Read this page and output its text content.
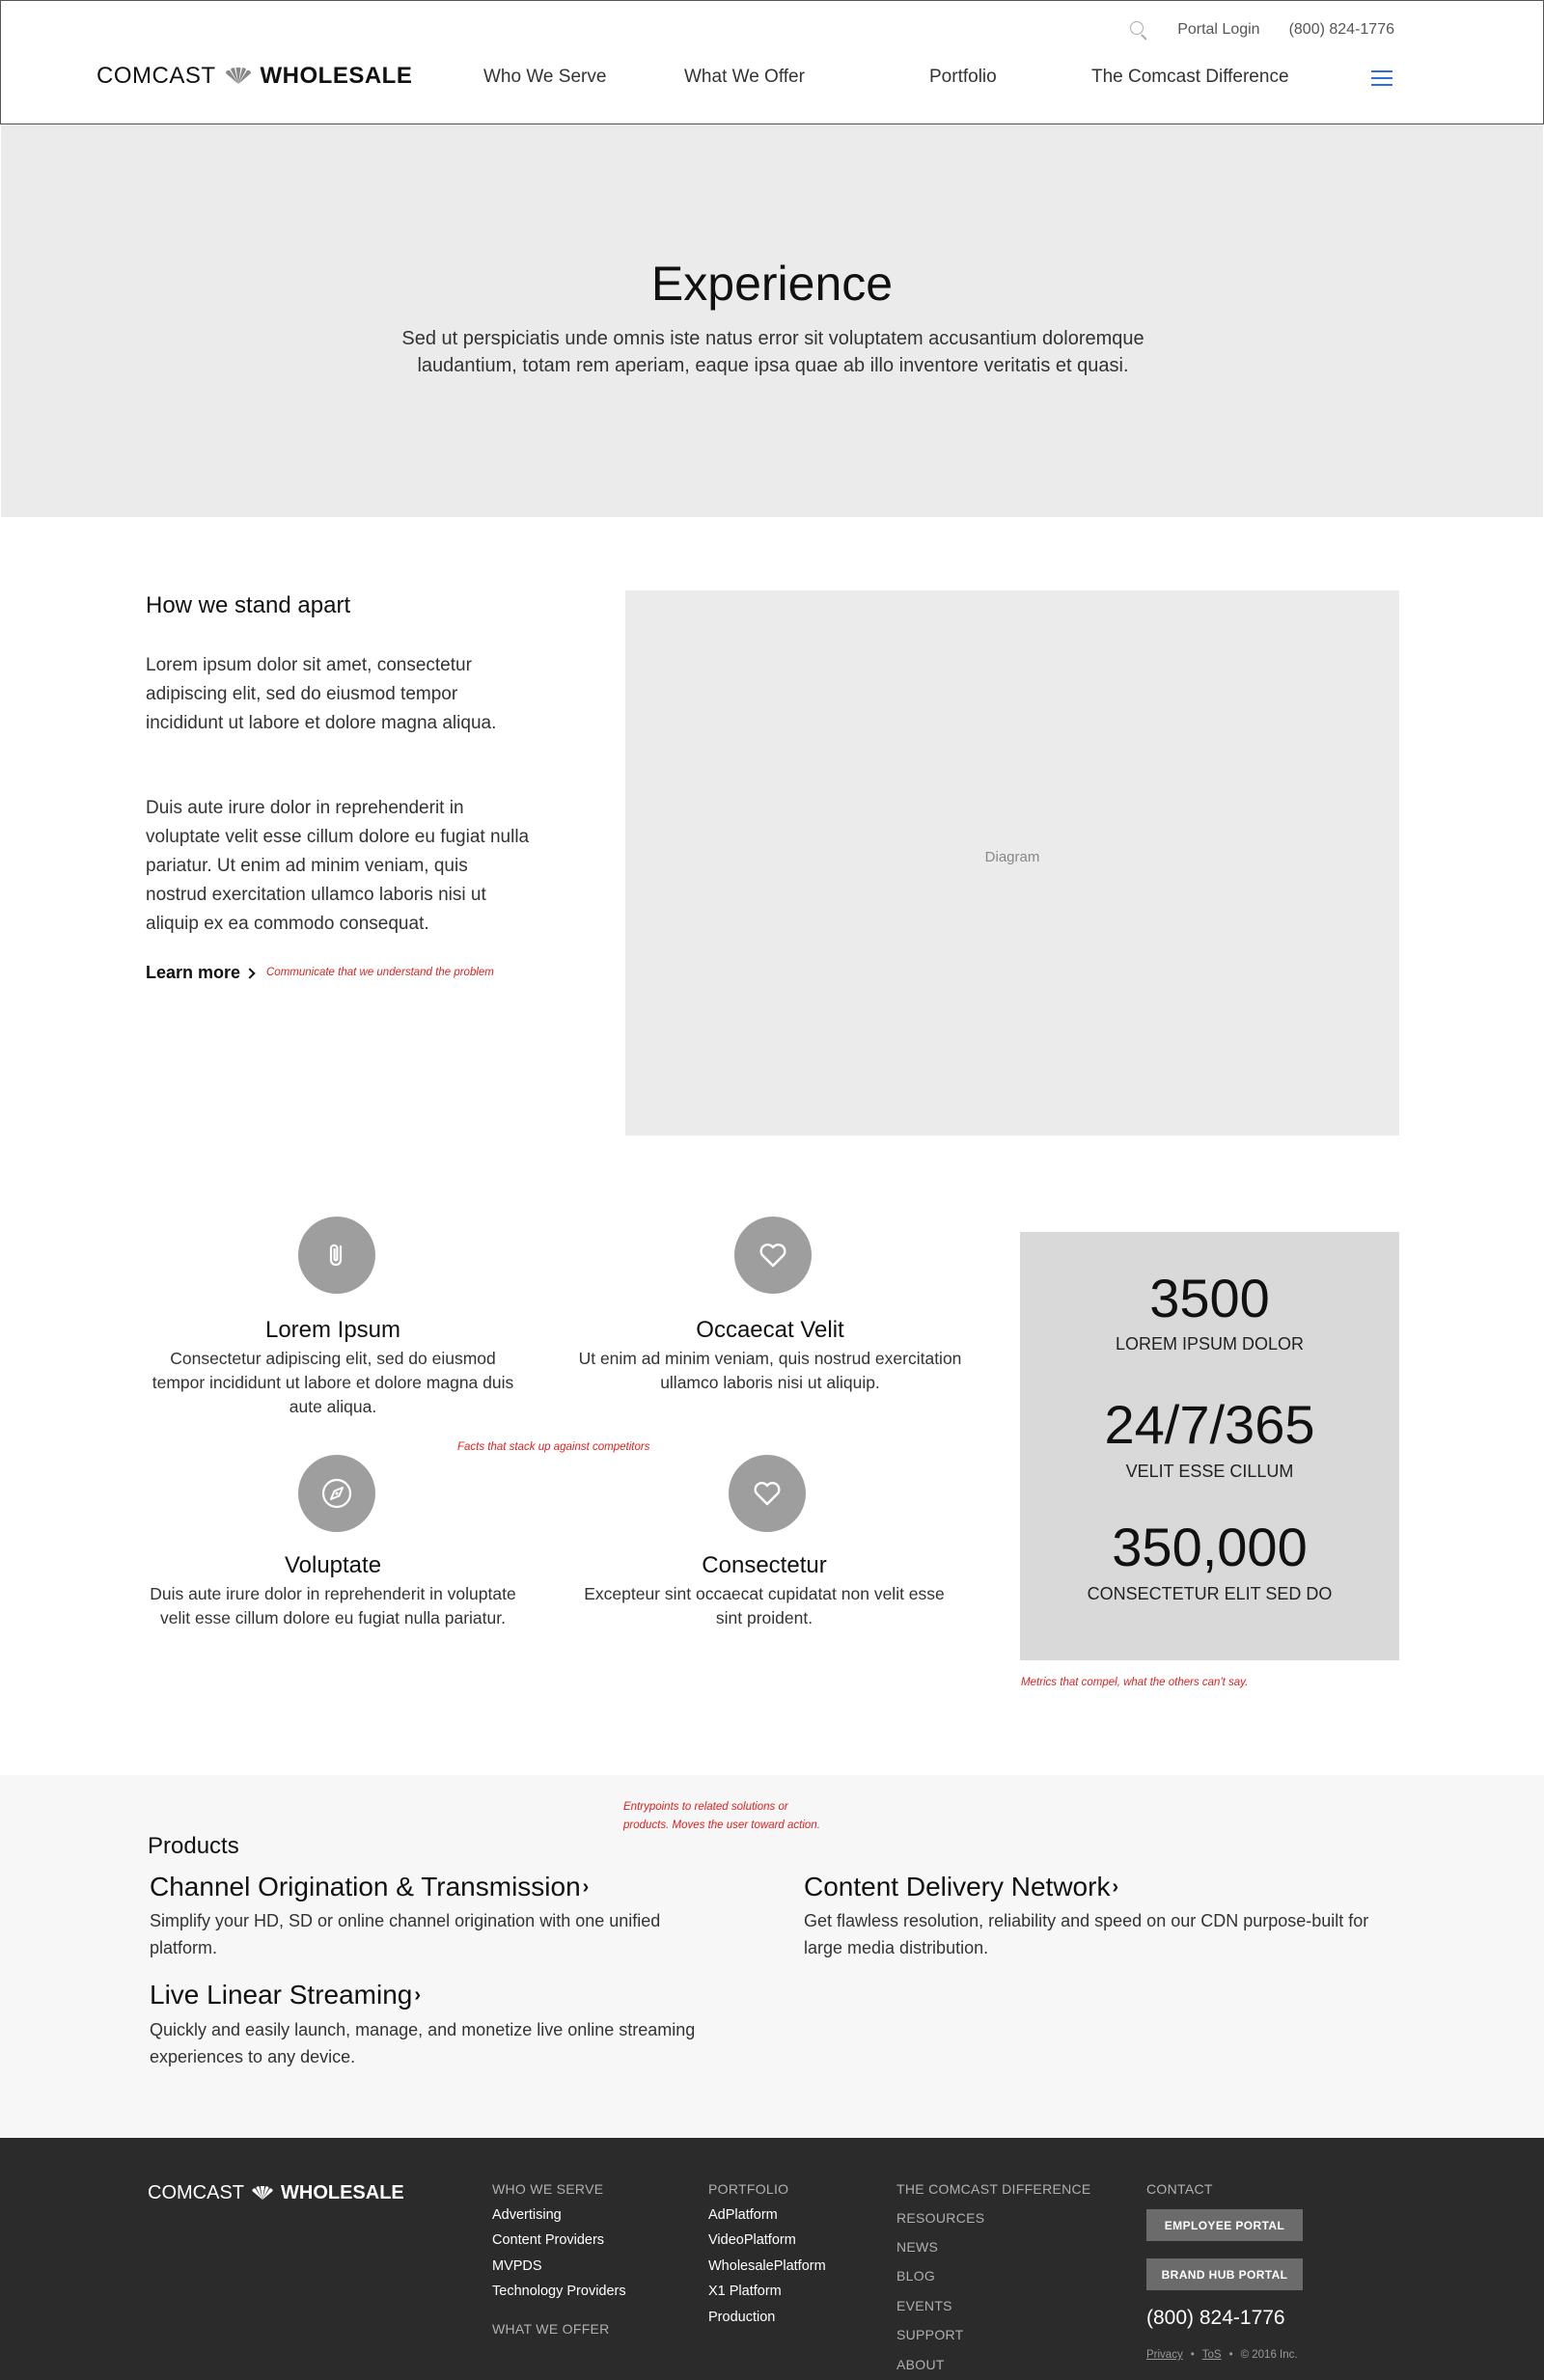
Portal Login (800) 824-1776
COMCAST WHOLESALE	Who We Serve	What We Offer	Portfolio	The Comcast Difference
Experience

Sed ut perspiciatis unde omnis iste natus error sit voluptatem accusantium doloremque laudantium, totam rem aperiam, eaque ipsa quae ab illo inventore veritatis et quasi.

How we stand apart

Lorem ipsum dolor sit amet, consectetur adipiscing elit, sed do eiusmod tempor incididunt ut labore et dolore magna aliqua.

Duis aute irure dolor in reprehenderit in voluptate velit esse cillum dolore eu fugiat nulla pariatur. Ut enim ad minim veniam, quis nostrud exercitation ullamco laboris nisi ut aliquip ex ea commodo consequat.

Learn more Communicate that we understand the problem
Diagram
Lorem Ipsum
Consectetur adipiscing elit, sed do eiusmod tempor incididunt ut labore et dolore magna duis aute aliqua.
Occaecat Velit
Ut enim ad minim veniam, quis nostrud exercitation ullamco laboris nisi ut aliquip.
Facts that stack up against competitors
Voluptate
Duis aute irure dolor in reprehenderit in voluptate velit esse cillum dolore eu fugiat nulla pariatur.
Consectetur
Excepteur sint occaecat cupidatat non velit esse sint proident.
3500
LOREM IPSUM DOLOR
24/7/365
VELIT ESSE CILLUM
350,000
CONSECTETUR ELIT SED DO
Metrics that compel, what the others can't say.
Entrypoints to related solutions or
products. Moves the user toward action.
Products
Channel Origination & Transmission ›
Simplify your HD, SD or online channel origination with one unified platform.
Content Delivery Network ›
Get flawless resolution, reliability and speed on our CDN purpose-built for large media distribution.
Live Linear Streaming ›
Quickly and easily launch, manage, and monetize live online streaming experiences to any device.
COMCAST WHOLESALE	WHO WE SERVE
Advertising
Content Providers
MVPDS
Technology Providers
WHAT WE OFFER
PORTFOLIO
AdPlatform
VideoPlatform
WholesalePlatform
X1 Platform
Production
THE COMCAST DIFFERENCE
RESOURCES
NEWS
BLOG
EVENTS
SUPPORT
ABOUT
CONTACT
EMPLOYEE PORTAL
BRAND HUB PORTAL
(800) 824-1776
Privacy • ToS • © 2016 Inc.
